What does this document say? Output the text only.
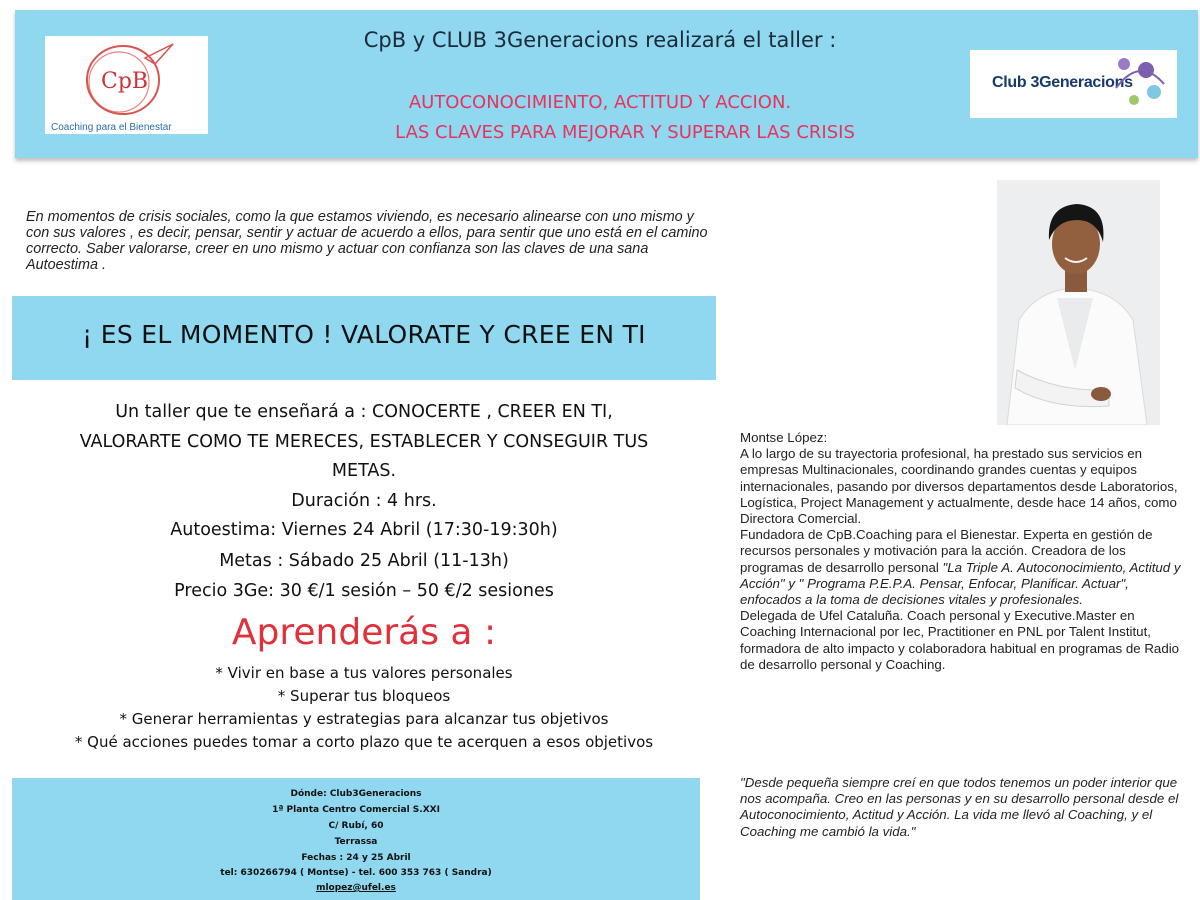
CpB
Coaching para el Bienestar
Club 3Generacions
CpB y CLUB 3Generacions realizará el taller :
AUTOCONOCIMIENTO, ACTITUD Y ACCION.
LAS CLAVES PARA MEJORAR Y SUPERAR LAS CRISIS
En momentos de crisis sociales, como la que estamos viviendo, es necesario alinearse con uno mismo y con sus valores , es decir, pensar, sentir y actuar de acuerdo a ellos, para sentir que uno está en el camino correcto. Saber valorarse, creer en uno mismo y actuar con confianza son las claves de una sana Autoestima .
¡ ES EL MOMENTO ! VALORATE Y CREE EN TI
Un taller que te enseñará a : CONOCERTE , CREER EN TI,
VALORARTE COMO TE MERECES, ESTABLECER Y CONSEGUIR TUS
METAS.
Duración : 4 hrs.
Autoestima: Viernes 24 Abril (17:30-19:30h)
Metas : Sábado 25 Abril (11-13h)
Precio 3Ge: 30 €/1 sesión – 50 €/2 sesiones
Aprenderás a :
* Vivir en base a tus valores personales
* Superar tus bloqueos
* Generar herramientas y estrategias para alcanzar tus objetivos
* Qué acciones puedes tomar a corto plazo que te acerquen a esos objetivos
Dónde: Club3Generacions
1ª Planta Centro Comercial S.XXI
C/ Rubí, 60
Terrassa
Fechas : 24 y 25 Abril
tel: 630266794 ( Montse) - tel. 600 353 763 ( Sandra)
mlopez@ufel.es

Montse López:

A lo largo de su trayectoria profesional, ha prestado sus servicios en empresas Multinacionales, coordinando grandes cuentas y equipos internacionales, pasando por diversos departamentos desde Laboratorios, Logística, Project Management y actualmente, desde hace 14 años, como Directora Comercial.

Fundadora de CpB.Coaching para el Bienestar. Experta en gestión de recursos personales y motivación para la acción. Creadora de los programas de desarrollo personal "La Triple A. Autoconocimiento, Actitud y Acción" y " Programa P.E.P.A. Pensar, Enfocar, Planificar. Actuar", enfocados a la toma de decisiones vitales y profesionales.

Delegada de Ufel Cataluña. Coach personal y Executive.Master en Coaching Internacional por Iec, Practitioner en PNL por Talent Institut, formadora de alto impacto y colaboradora habitual en programas de Radio de desarrollo personal y Coaching.

"Desde pequeña siempre creí en que todos tenemos un poder interior que nos acompaña. Creo en las personas y en su desarrollo personal desde el Autoconocimiento, Actitud y Acción. La vida me llevó al Coaching, y el Coaching me cambió la vida."
